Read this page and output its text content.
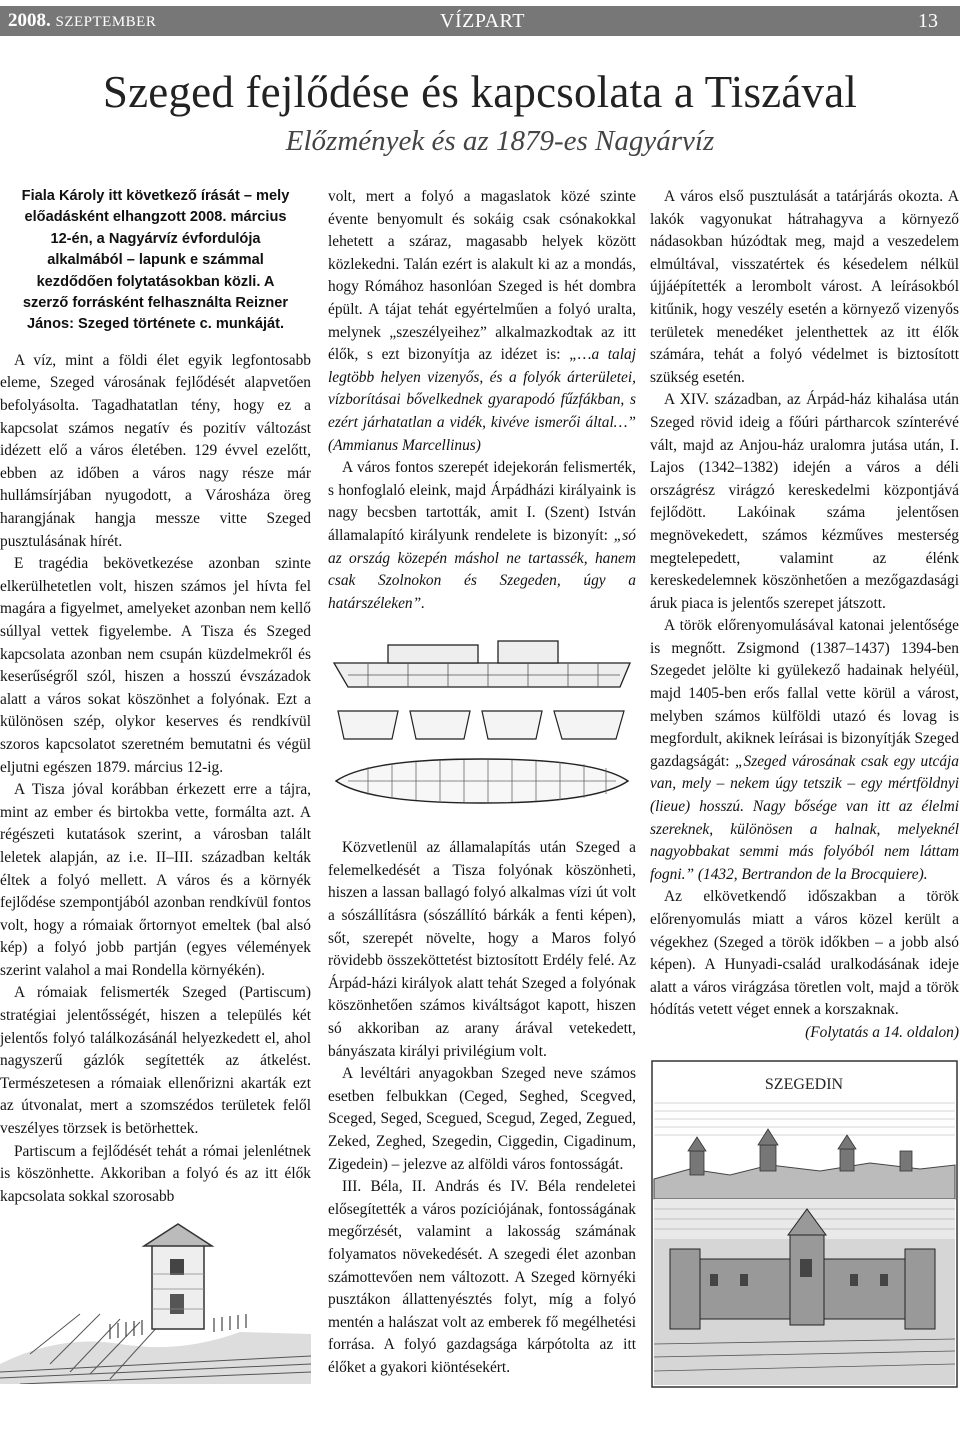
2008. SZEPTEMBER	VÍZPART	13
Szeged fejlődése és kapcsolata a Tiszával
Előzmények és az 1879-es Nagyárvíz
Fiala Károly itt következő írását – mely előadásként elhangzott 2008. március 12-én, a Nagyárvíz évfordulója alkalmából – lapunk e számmal kezdődően folytatásokban közli. A szerző forrásként felhasználta Reizner János: Szeged története c. munkáját.

A víz, mint a földi élet egyik legfontosabb eleme, Szeged városának fejlődését alapvetően befolyásolta. Tagadhatatlan tény, hogy ez a kapcsolat számos negatív és pozitív változást idézett elő a város életében. 129 évvel ezelőtt, ebben az időben a város nagy része már hullámsírjában nyugodott, a Városháza öreg harangjának hangja messze vitte Szeged pusztulásának hírét.

E tragédia bekövetkezése azonban szinte elkerülhetetlen volt, hiszen számos jel hívta fel magára a figyelmet, amelyeket azonban nem kellő súllyal vettek figyelembe. A Tisza és Szeged kapcsolata azonban nem csupán küzdelmekről és keserűségről szól, hiszen a hosszú évszázadok alatt a város sokat köszönhet a folyónak. Ezt a különösen szép, olykor keserves és rendkívül szoros kapcsolatot szeretném bemutatni és végül eljutni egészen 1879. március 12-ig.

A Tisza jóval korábban érkezett erre a tájra, mint az ember és birtokba vette, formálta azt. A régészeti kutatások szerint, a városban talált leletek alapján, az i.e. II–III. században kelták éltek a folyó mellett. A város és a környék fejlődése szempontjából azonban rendkívül fontos volt, hogy a rómaiak őrtornyot emeltek (bal alsó kép) a folyó jobb partján (egyes vélemények szerint valahol a mai Rondella környékén).

A rómaiak felismerték Szeged (Partiscum) stratégiai jelentősségét, hiszen a település két jelentős folyó találkozásánál helyezkedett el, ahol nagyszerű gázlók segítették az átkelést. Természetesen a rómaiak ellenőrizni akarták ezt az útvonalat, mert a szomszédos területek felől veszélyes törzsek is betörhettek.

Partiscum a fejlődését tehát a római jelenlétnek is köszönhette. Akkoriban a folyó és az itt élők kapcsolata sokkal szorosabb

volt, mert a folyó a magaslatok közé szinte évente benyomult és sokáig csak csónakokkal lehetett a száraz, magasabb helyek között közlekedni. Talán ezért is alakult ki az a mondás, hogy Rómához hasonlóan Szeged is hét dombra épült. A tájat tehát egyértelműen a folyó uralta, melynek „szeszélyeihez” alkalmazkodtak az itt élők, s ezt bizonyítja az idézet is: „…a talaj legtöbb helyen vizenyős, és a folyók árterületei, vízborításai bővelkednek gyarapodó fűzfákban, s ezért járhatatlan a vidék, kivéve ismerői által…” (Ammianus Marcellinus)

A város fontos szerepét idejekorán felismerték, s honfoglaló eleink, majd Árpádházi királyaink is nagy becsben tartották, amit I. (Szent) István államalapító királyunk rendelete is bizonyít: „só az ország közepén máshol ne tartassék, hanem csak Szolnokon és Szegeden, úgy a határszéleken”.

Közvetlenül az államalapítás után Szeged a felemelkedését a Tisza folyónak köszönheti, hiszen a lassan ballagó folyó alkalmas vízi út volt a sószállításra (sószállító bárkák a fenti képen), sőt, szerepét növelte, hogy a Maros folyó rövidebb összeköttetést biztosított Erdély felé. Az Árpád-házi királyok alatt tehát Szeged a folyónak köszönhetően számos kiváltságot kapott, hiszen só akkoriban az arany árával vetekedett, bányászata királyi privilégium volt.

A levéltári anyagokban Szeged neve számos esetben felbukkan (Ceged, Seghed, Scegved, Sceged, Seged, Scegued, Scegud, Zeged, Zegued, Zeked, Zeghed, Szegedin, Ciggedin, Cigadinum, Zigedein) – jelezve az alföldi város fontosságát.

III. Béla, II. András és IV. Béla rendeletei elősegítették a város pozíciójának, fontosságának megőrzését, valamint a lakosság számának folyamatos növekedését. A szegedi élet azonban számottevően nem változott. A Szeged környéki pusztákon állattenyésztés folyt, míg a folyó mentén a halászat volt az emberek fő megélhetési forrása. A folyó gazdagsága kárpótolta az itt élőket a gyakori kiöntésekért.

A város első pusztulását a tatárjárás okozta. A lakók vagyonukat hátrahagyva a környező nádasokban húzódtak meg, majd a veszedelem elmúltával, visszatértek és késedelem nélkül újjáépítették a lerombolt várost. A leírásokból kitűnik, hogy veszély esetén a környező vizenyős területek menedéket jelenthettek az itt élők számára, tehát a folyó védelmet is biztosított szükség esetén.

A XIV. században, az Árpád-ház kihalása után Szeged rövid ideig a főúri pártharcok színterévé vált, majd az Anjou-ház uralomra jutása után, I. Lajos (1342–1382) idején a város a déli országrész virágzó kereskedelmi központjává fejlődött. Lakóinak száma jelentősen megnövekedett, számos kézműves mesterség megtelepedett, valamint az élénk kereskedelemnek köszönhetően a mezőgazdasági áruk piaca is jelentős szerepet játszott.

A török előrenyomulásával katonai jelentősége is megnőtt. Zsigmond (1387–1437) 1394-ben Szegedet jelölte ki gyülekező hadainak helyéül, majd 1405-ben erős fallal vette körül a várost, melyben számos külföldi utazó és lovag is megfordult, akiknek leírásai is bizonyítják Szeged gazdagságát: „Szeged városának csak egy utcája van, mely – nekem úgy tetszik – egy mértföldnyi (lieue) hosszú. Nagy bősége van itt az élelmi szereknek, különösen a halnak, melyeknél nagyobbakat semmi más folyóból nem láttam fogni.” (1432, Bertrandon de la Brocquiere).

Az elkövetkendő időszakban a török előrenyomulás miatt a város közel került a végekhez (Szeged a török időkben – a jobb alsó képen). A Hunyadi-család uralkodásának ideje alatt a város virágzása töretlen volt, majd a török hódítás vetett véget ennek a korszaknak.

(Folytatás a 14. oldalon)

SZEGEDIN
